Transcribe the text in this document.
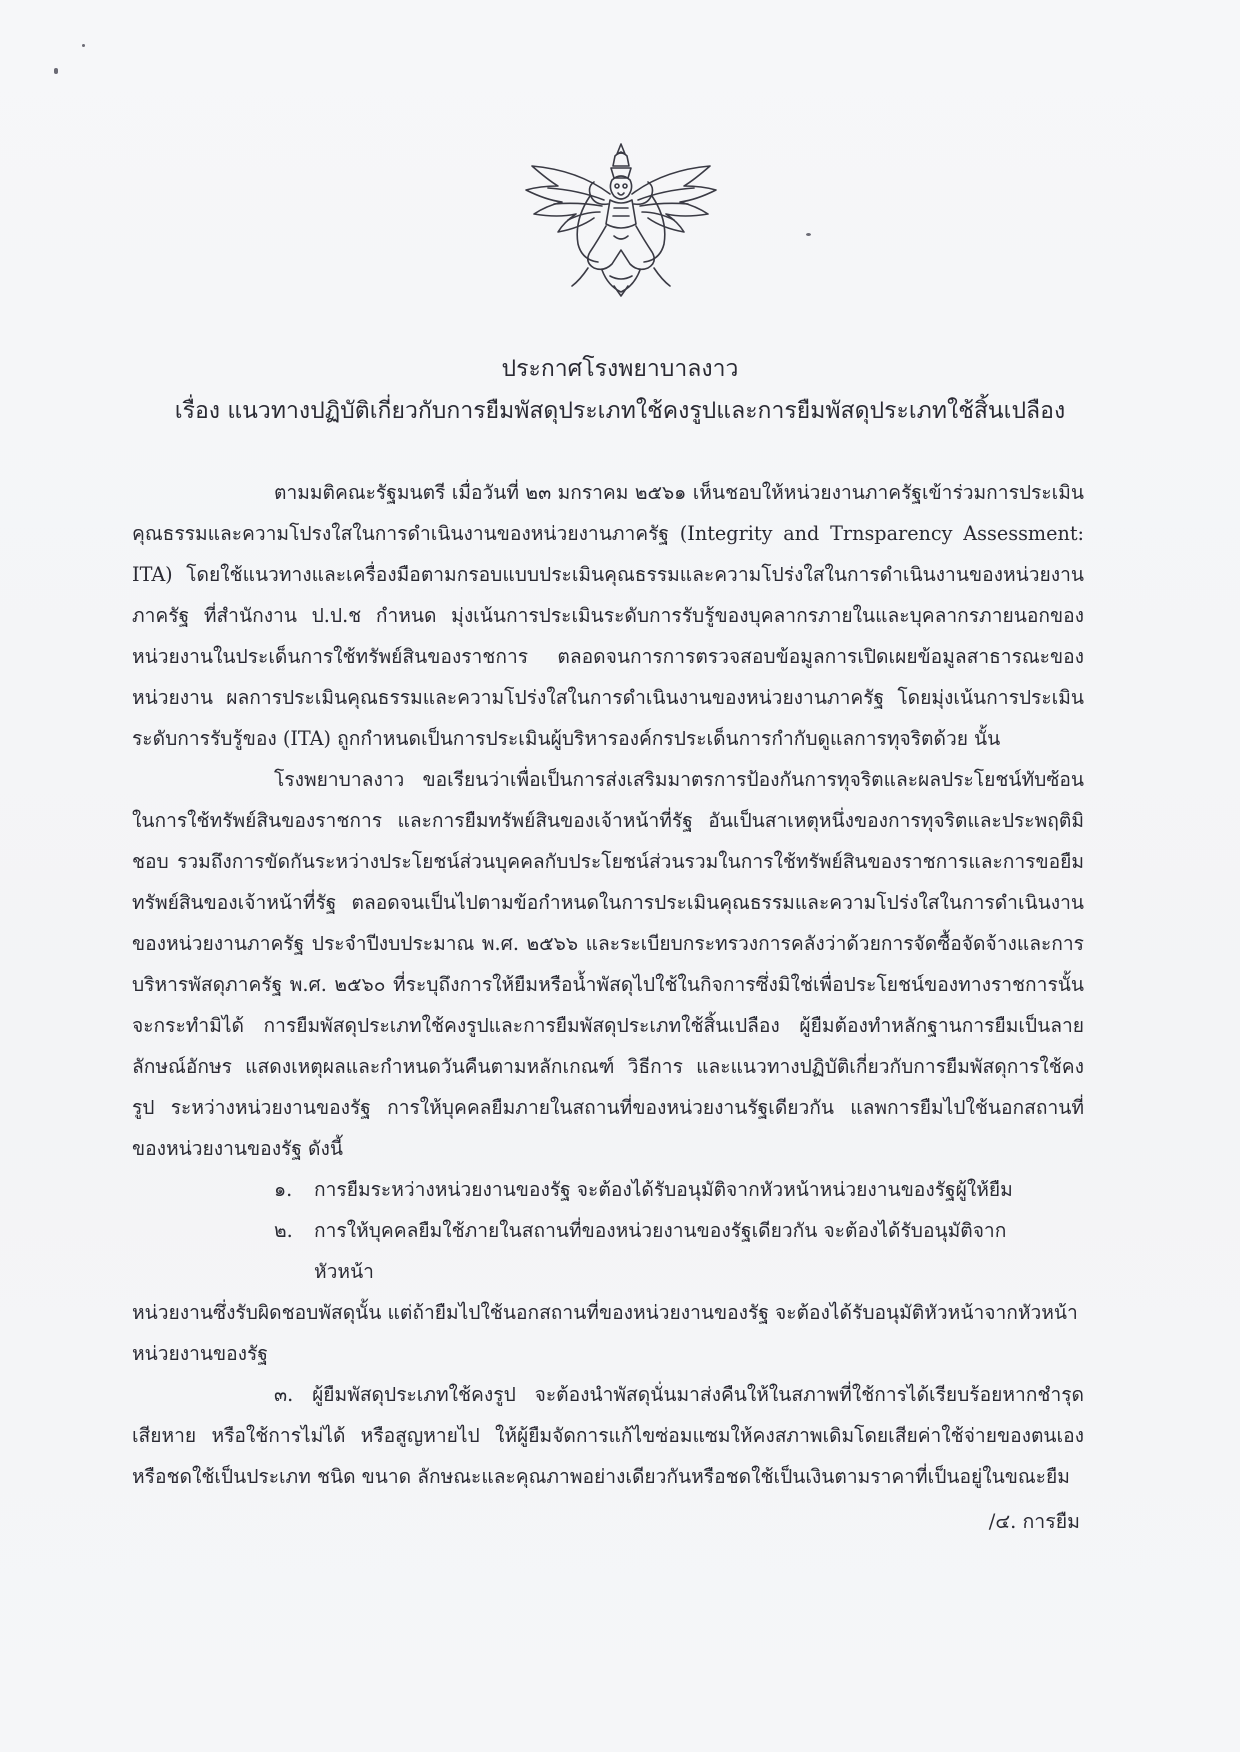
ประกาศโรงพยาบาลงาว
เรื่อง แนวทางปฏิบัติเกี่ยวกับการยืมพัสดุประเภทใช้คงรูปและการยืมพัสดุประเภทใช้สิ้นเปลือง

ตามมติคณะรัฐมนตรี เมื่อวันที่ ๒๓ มกราคม ๒๕๖๑ เห็นชอบให้หน่วยงานภาครัฐเข้าร่วมการประเมินคุณธรรมและความโปรงใสในการดำเนินงานของหน่วยงานภาครัฐ (Integrity and Trnsparency Assessment: ITA) โดยใช้แนวทางและเครื่องมือตามกรอบแบบประเมินคุณธรรมและความโปร่งใสในการดำเนินงานของหน่วยงานภาครัฐ ที่สำนักงาน ป.ป.ช กำหนด มุ่งเน้นการประเมินระดับการรับรู้ของบุคลากรภายในและบุคลากรภายนอกของหน่วยงานในประเด็นการใช้ทรัพย์สินของราชการ ตลอดจนการการตรวจสอบข้อมูลการเปิดเผยข้อมูลสาธารณะของหน่วยงาน ผลการประเมินคุณธรรมและความโปร่งใสในการดำเนินงานของหน่วยงานภาครัฐ โดยมุ่งเน้นการประเมินระดับการรับรู้ของ (ITA) ถูกกำหนดเป็นการประเมินผู้บริหารองค์กรประเด็นการกำกับดูแลการทุจริตด้วย นั้น

โรงพยาบาลงาว ขอเรียนว่าเพื่อเป็นการส่งเสริมมาตรการป้องกันการทุจริตและผลประโยชน์ทับซ้อนในการใช้ทรัพย์สินของราชการ และการยืมทรัพย์สินของเจ้าหน้าที่รัฐ อันเป็นสาเหตุหนึ่งของการทุจริตและประพฤติมิชอบ รวมถึงการขัดกันระหว่างประโยชน์ส่วนบุคคลกับประโยชน์ส่วนรวมในการใช้ทรัพย์สินของราชการและการขอยืมทรัพย์สินของเจ้าหน้าที่รัฐ ตลอดจนเป็นไปตามข้อกำหนดในการประเมินคุณธรรมและความโปร่งใสในการดำเนินงานของหน่วยงานภาครัฐ ประจำปีงบประมาณ พ.ศ. ๒๕๖๖ และระเบียบกระทรวงการคลังว่าด้วยการจัดซื้อจัดจ้างและการบริหารพัสดุภาครัฐ พ.ศ. ๒๕๖๐ ที่ระบุถึงการให้ยืมหรือน้ำพัสดุไปใช้ในกิจการซึ่งมิใช่เพื่อประโยชน์ของทางราชการนั้นจะกระทำมิได้ การยืมพัสดุประเภทใช้คงรูปและการยืมพัสดุประเภทใช้สิ้นเปลือง ผู้ยืมต้องทำหลักฐานการยืมเป็นลายลักษณ์อักษร แสดงเหตุผลและกำหนดวันคืนตามหลักเกณฑ์ วิธีการ และแนวทางปฏิบัติเกี่ยวกับการยืมพัสดุการใช้คงรูป ระหว่างหน่วยงานของรัฐ การให้บุคคลยืมภายในสถานที่ของหน่วยงานรัฐเดียวกัน แลพการยืมไปใช้นอกสถานที่ของหน่วยงานของรัฐ ดังนี้

๑.	การยืมระหว่างหน่วยงานของรัฐ จะต้องได้รับอนุมัติจากหัวหน้าหน่วยงานของรัฐผู้ให้ยืม
๒.	การให้บุคคลยืมใช้ภายในสถานที่ของหน่วยงานของรัฐเดียวกัน จะต้องได้รับอนุมัติจาก หัวหน้า

หน่วยงานซึ่งรับผิดชอบพัสดุนั้น แต่ถ้ายืมไปใช้นอกสถานที่ของหน่วยงานของรัฐ จะต้องได้รับอนุมัติหัวหน้าจากหัวหน้าหน่วยงานของรัฐ

๓. ผู้ยืมพัสดุประเภทใช้คงรูป จะต้องนำพัสดุนั่นมาส่งคืนให้ในสภาพที่ใช้การได้เรียบร้อยหากชำรุดเสียหาย หรือใช้การไม่ได้ หรือสูญหายไป ให้ผู้ยืมจัดการแก้ไขซ่อมแซมให้คงสภาพเดิมโดยเสียค่าใช้จ่ายของตนเอง หรือชดใช้เป็นประเภท ชนิด ขนาด ลักษณะและคุณภาพอย่างเดียวกันหรือชดใช้เป็นเงินตามราคาที่เป็นอยู่ในขณะยืม

/๔. การยืม
